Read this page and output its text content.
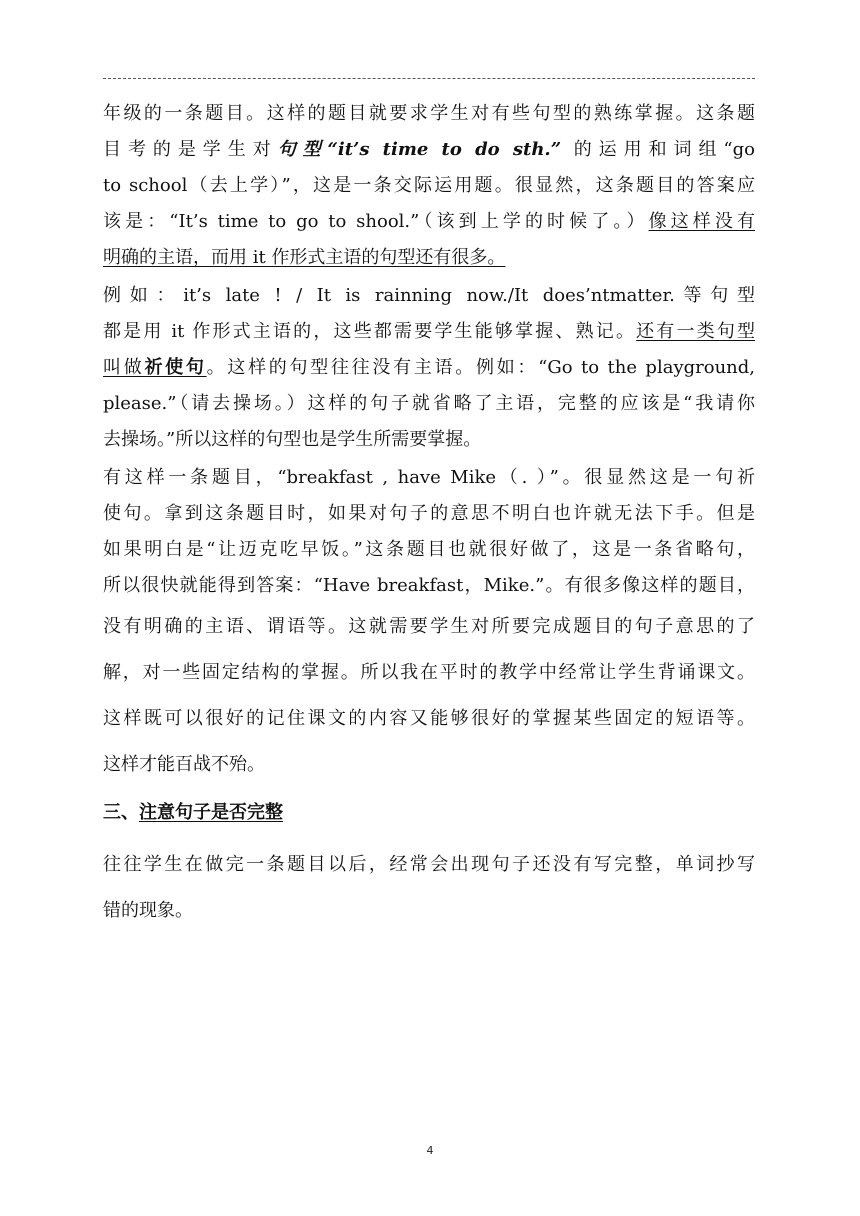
年级的一条题目。这样的题目就要求学生对有些句型的熟练掌握。这条题
目考的是学生对句型“it’s time to do sth.” 的运用和词组“go
to school（去上学）”，这是一条交际运用题。很显然，这条题目的答案应
该是：“It’s time to go to shool.”（该到上学的时候了。）像这样没有
明确的主语，而用 it 作形式主语的句型还有很多。
例如：it’s late ! / It is rainning now./It does’ntmatter.等句型
都是用 it 作形式主语的，这些都需要学生能够掌握、熟记。还有一类句型
叫做祈使句。这样的句型往往没有主语。例如：“Go to the playground,
please.”（请去操场。）这样的句子就省略了主语，完整的应该是“我请你
去操场。”所以这样的句型也是学生所需要掌握。
有这样一条题目，“breakfast , have Mike（. ）”。很显然这是一句祈
使句。拿到这条题目时，如果对句子的意思不明白也许就无法下手。但是
如果明白是“让迈克吃早饭。”这条题目也就很好做了，这是一条省略句，
所以很快就能得到答案：“Have breakfast，Mike.”。有很多像这样的题目，
没有明确的主语、谓语等。这就需要学生对所要完成题目的句子意思的了
解，对一些固定结构的掌握。所以我在平时的教学中经常让学生背诵课文。
这样既可以很好的记住课文的内容又能够很好的掌握某些固定的短语等。
这样才能百战不殆。
三、注意句子是否完整
往往学生在做完一条题目以后，经常会出现句子还没有写完整，单词抄写
错的现象。
4
